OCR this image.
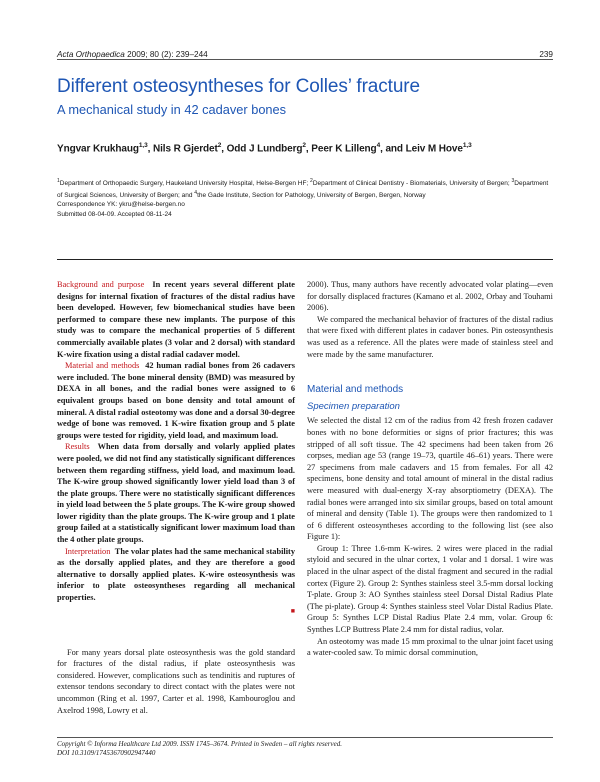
Acta Orthopaedica 2009; 80 (2): 239–244	239
Different osteosyntheses for Colles’ fracture
A mechanical study in 42 cadaver bones
Yngvar Krukhaug$^{1,3}$, Nils R Gjerdet$^2$, Odd J Lundberg$^2$, Peer K Lilleng$^4$, and Leiv M Hove$^{1,3}$
$^1$Department of Orthopaedic Surgery, Haukeland University Hospital, Helse-Bergen HF; $^2$Department of Clinical Dentistry - Biomaterials, University of Bergen; $^3$Department of Surgical Sciences, University of Bergen; and $^4$the Gade Institute, Section for Pathology, University of Bergen, Bergen, Norway
Correspondence YK: ykru@helse-bergen.no
Submitted 08-04-09. Accepted 08-11-24

Background and purpose In recent years several different plate designs for internal fixation of fractures of the distal radius have been developed. However, few biomechanical studies have been performed to compare these new implants. The purpose of this study was to compare the mechanical properties of 5 different commercially available plates (3 volar and 2 dorsal) with standard K-wire fixation using a distal radial cadaver model.

Material and methods 42 human radial bones from 26 cadavers were included. The bone mineral density (BMD) was measured by DEXA in all bones, and the radial bones were assigned to 6 equivalent groups based on bone density and total amount of mineral. A distal radial osteotomy was done and a dorsal 30-degree wedge of bone was removed. 1 K-wire fixation group and 5 plate groups were tested for rigidity, yield load, and maximum load.

Results When data from dorsally and volarly applied plates were pooled, we did not find any statistically significant differences between them regarding stiffness, yield load, and maximum load. The K-wire group showed significantly lower yield load than 3 of the plate groups. There were no statistically significant differences in yield load between the 5 plate groups. The K-wire group showed lower rigidity than the plate groups. The K-wire group and 1 plate group failed at a statistically significant lower maximum load than the 4 other plate groups.

Interpretation The volar plates had the same mechanical stability as the dorsally applied plates, and they are therefore a good alternative to dorsally applied plates. K-wire osteosynthesis was inferior to plate osteosyntheses regarding all mechanical properties.

■

For many years dorsal plate osteosynthesis was the gold standard for fractures of the distal radius, if plate osteosynthesis was considered. However, complications such as tendinitis and ruptures of extensor tendons secondary to direct contact with the plates were not uncommon (Ring et al. 1997, Carter et al. 1998, Kambouroglou and Axelrod 1998, Lowry et al.

2000). Thus, many authors have recently advocated volar plating—even for dorsally displaced fractures (Kamano et al. 2002, Orbay and Touhami 2006).

We compared the mechanical behavior of fractures of the distal radius that were fixed with different plates in cadaver bones. Pin osteosynthesis was used as a reference. All the plates were made of stainless steel and were made by the same manufacturer.

Material and methods
Specimen preparation

We selected the distal 12 cm of the radius from 42 fresh frozen cadaver bones with no bone deformities or signs of prior fractures; this was stripped of all soft tissue. The 42 specimens had been taken from 26 corpses, median age 53 (range 19–73, quartile 46–61) years. There were 27 specimens from male cadavers and 15 from females. For all 42 specimens, bone density and total amount of mineral in the distal radius were measured with dual-energy X-ray absorptiometry (DEXA). The radial bones were arranged into six similar groups, based on total amount of mineral and density (Table 1). The groups were then randomized to 1 of 6 different osteosyntheses according to the following list (see also Figure 1):

Group 1: Three 1.6-mm K-wires. 2 wires were placed in the radial styloid and secured in the ulnar cortex, 1 volar and 1 dorsal. 1 wire was placed in the ulnar aspect of the distal fragment and secured in the radial cortex (Figure 2). Group 2: Synthes stainless steel 3.5-mm dorsal locking T-plate. Group 3: AO Synthes stainless steel Dorsal Distal Radius Plate (The pi-plate). Group 4: Synthes stainless steel Volar Distal Radius Plate. Group 5: Synthes LCP Distal Radius Plate 2.4 mm, volar. Group 6: Synthes LCP Buttress Plate 2.4 mm for distal radius, volar.

An osteotomy was made 15 mm proximal to the ulnar joint facet using a water-cooled saw. To mimic dorsal comminution,

Copyright © Informa Healthcare Ltd 2009. ISSN 1745–3674. Printed in Sweden – all rights reserved.
DOI 10.3109/17453670902947440
